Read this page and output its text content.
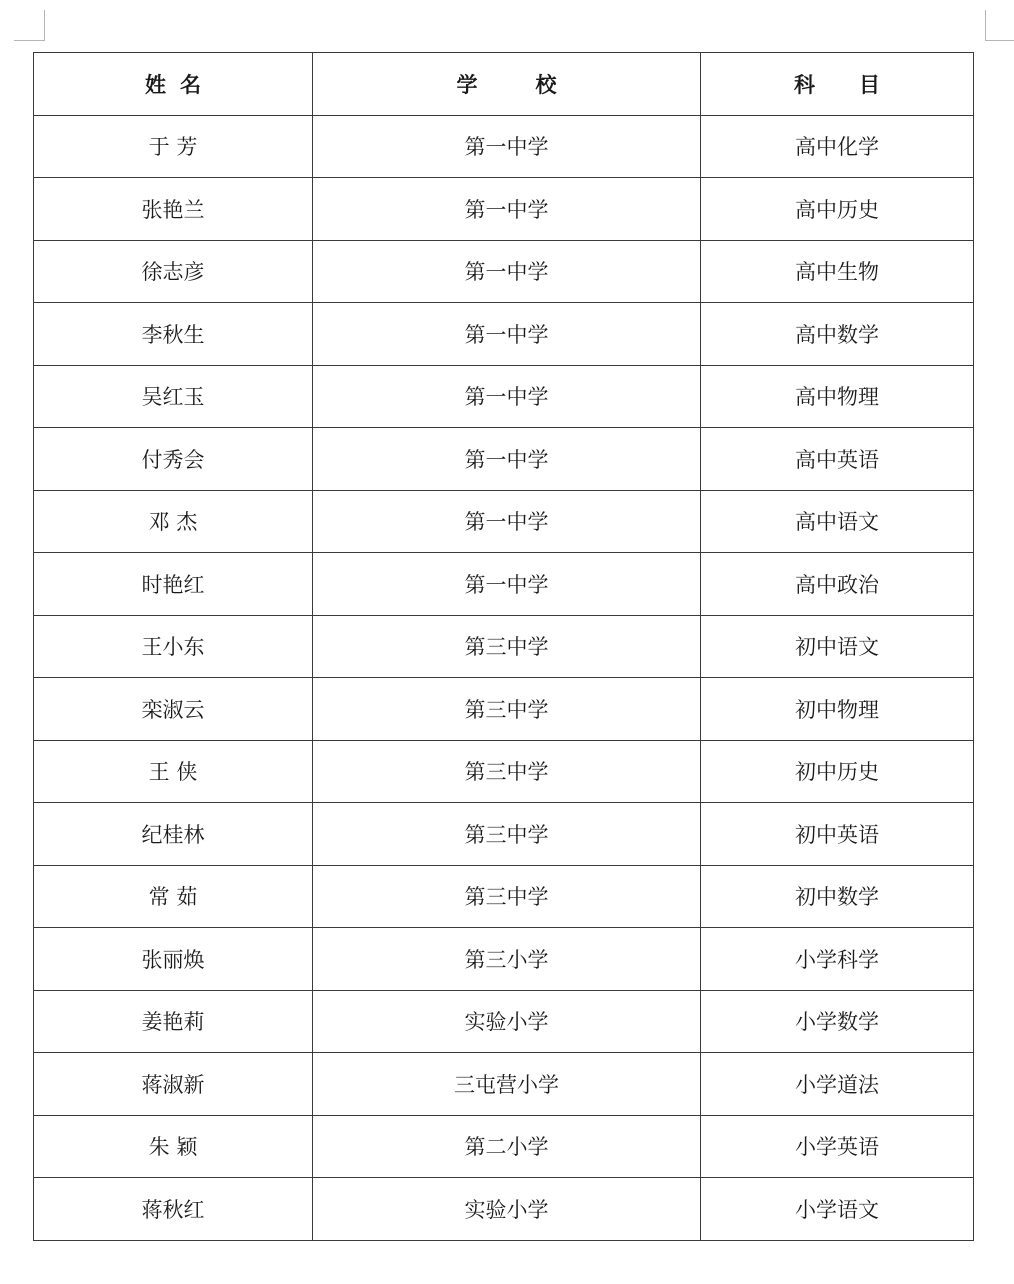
姓名	学校	科目
于 芳	第一中学	高中化学
张艳兰	第一中学	高中历史
徐志彦	第一中学	高中生物
李秋生	第一中学	高中数学
吴红玉	第一中学	高中物理
付秀会	第一中学	高中英语
邓 杰	第一中学	高中语文
时艳红	第一中学	高中政治
王小东	第三中学	初中语文
栾淑云	第三中学	初中物理
王 侠	第三中学	初中历史
纪桂林	第三中学	初中英语
常 茹	第三中学	初中数学
张丽焕	第三小学	小学科学
姜艳莉	实验小学	小学数学
蒋淑新	三屯营小学	小学道法
朱 颖	第二小学	小学英语
蒋秋红	实验小学	小学语文
